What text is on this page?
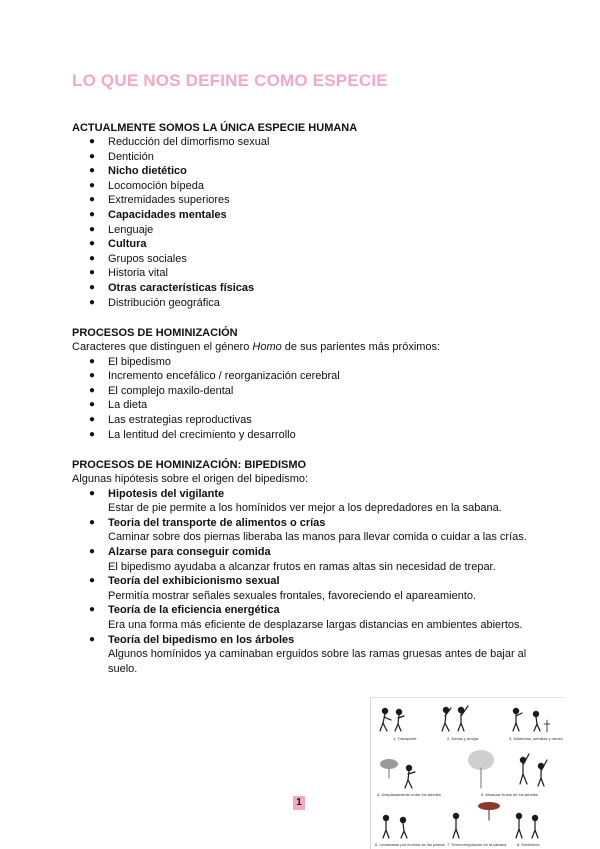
LO QUE NOS DEFINE COMO ESPECIE
ACTUALMENTE SOMOS LA ÚNICA ESPECIE HUMANA
● Reducción del dimorfismo sexual
● Dentición
● Nicho dietético
● Locomoción bípeda
● Extremidades superiores
● Capacidades mentales
● Lenguaje
● Cultura
● Grupos sociales
● Historia vital
● Otras características físicas
● Distribución geográfica
PROCESOS DE HOMINIZACIÓN
Caracteres que distinguen el género Homo de sus parientes más próximos:
● El bipedismo
● Incremento encefálico / reorganización cerebral
● El complejo maxilo-dental
● La dieta
● Las estrategias reproductivas
● La lentitud del crecimiento y desarrollo
PROCESOS DE HOMINIZACIÓN: BIPEDISMO
Algunas hipótesis sobre el origen del bipedismo:
● Hipotesis del vigilante
Estar de pie permite a los homínidos ver mejor a los depredadores en la sabana.
● Teoria del transporte de alimentos o crías
Caminar sobre dos piernas liberaba las manos para llevar comida o cuidar a las crías.
● Alzarse para conseguir comida
El bipedismo ayudaba a alcanzar frutos en ramas altas sin necesidad de trepar.
● Teoría del exhibicionismo sexual
Permitía mostrar señales sexuales frontales, favoreciendo el apareamiento.
● Teoría de la eficiencia energética
Era una forma más eficiente de desplazarse largas distancias en ambientes abiertos.
● Teoría del bipedismo en los árboles
Algunos homínidos ya caminaban erguidos sobre las ramas gruesas antes de bajar al suelo.
1. Transporte	2. Armas y arrojar	3. Alimentos, semillas y raíces
4. Desplazamiento entre los árboles	5. Alcanzar frutos de los árboles
6. Levantarse por encima de los pastos 7. Termorregulación en la sabana	8. Exhibición
1
